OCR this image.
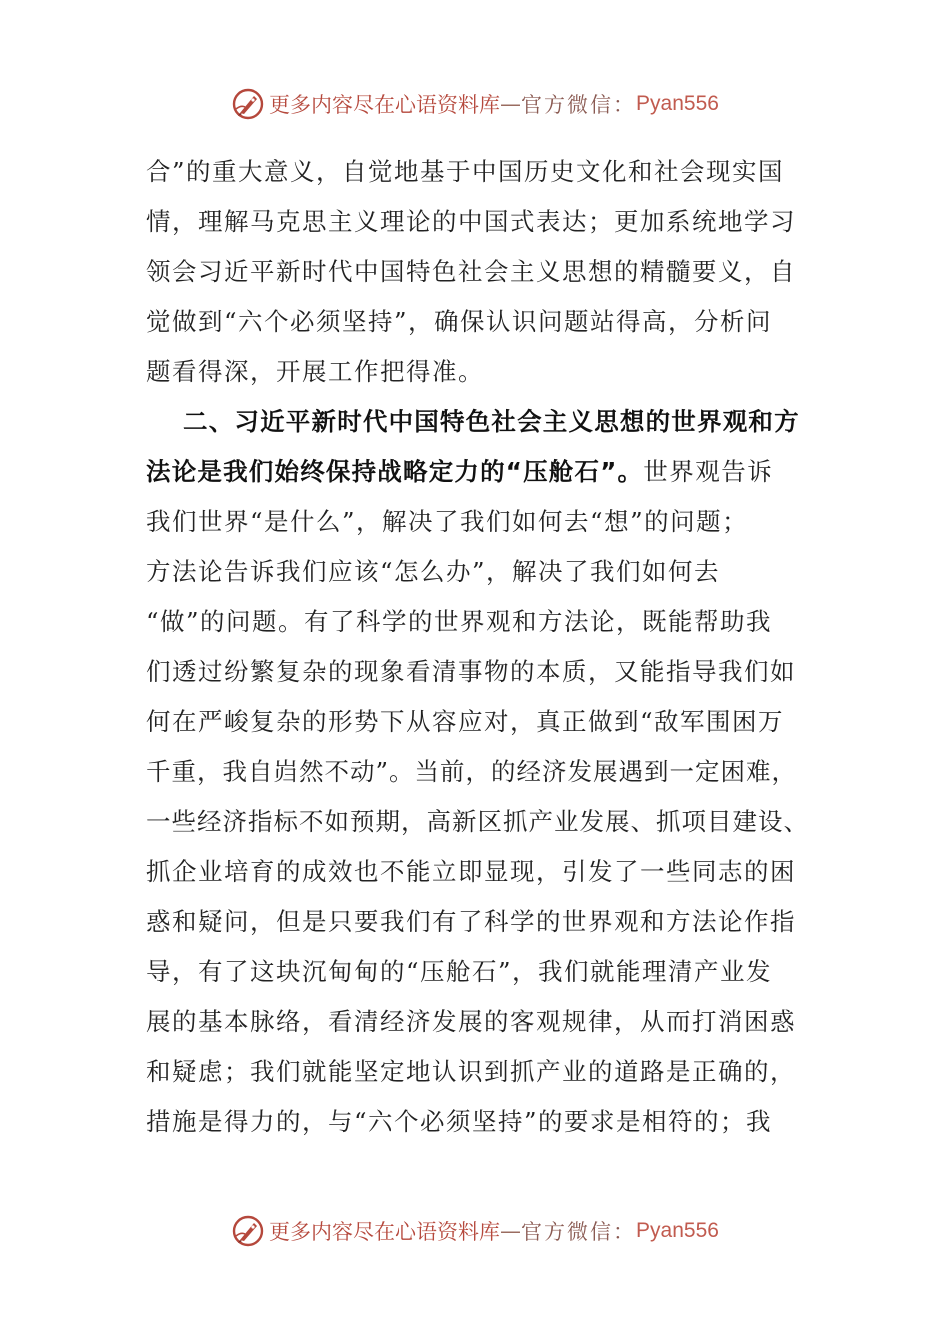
更多内容尽在心语资料库 — 官方微信： Pyan556
合”的重大意义，自觉地基于中国历史文化和社会现实国
情，理解马克思主义理论的中国式表达；更加系统地学习
领会习近平新时代中国特色社会主义思想的精髓要义，自
觉做到“六个必须坚持”，确保认识问题站得高，分析问
题看得深，开展工作把得准。
二、习近平新时代中国特色社会主义思想的世界观和方
法论是我们始终保持战略定力的“压舱石”。世界观告诉
我们世界“是什么”，解决了我们如何去“想”的问题；
方法论告诉我们应该“怎么办”，解决了我们如何去
“做”的问题。有了科学的世界观和方法论，既能帮助我
们透过纷繁复杂的现象看清事物的本质，又能指导我们如
何在严峻复杂的形势下从容应对，真正做到“敌军围困万
千重，我自岿然不动”。当前，的经济发展遇到一定困难，
一些经济指标不如预期，高新区抓产业发展、抓项目建设、
抓企业培育的成效也不能立即显现，引发了一些同志的困
惑和疑问，但是只要我们有了科学的世界观和方法论作指
导，有了这块沉甸甸的“压舱石”，我们就能理清产业发
展的基本脉络，看清经济发展的客观规律，从而打消困惑
和疑虑；我们就能坚定地认识到抓产业的道路是正确的，
措施是得力的，与“六个必须坚持”的要求是相符的；我
更多内容尽在心语资料库 — 官方微信： Pyan556
